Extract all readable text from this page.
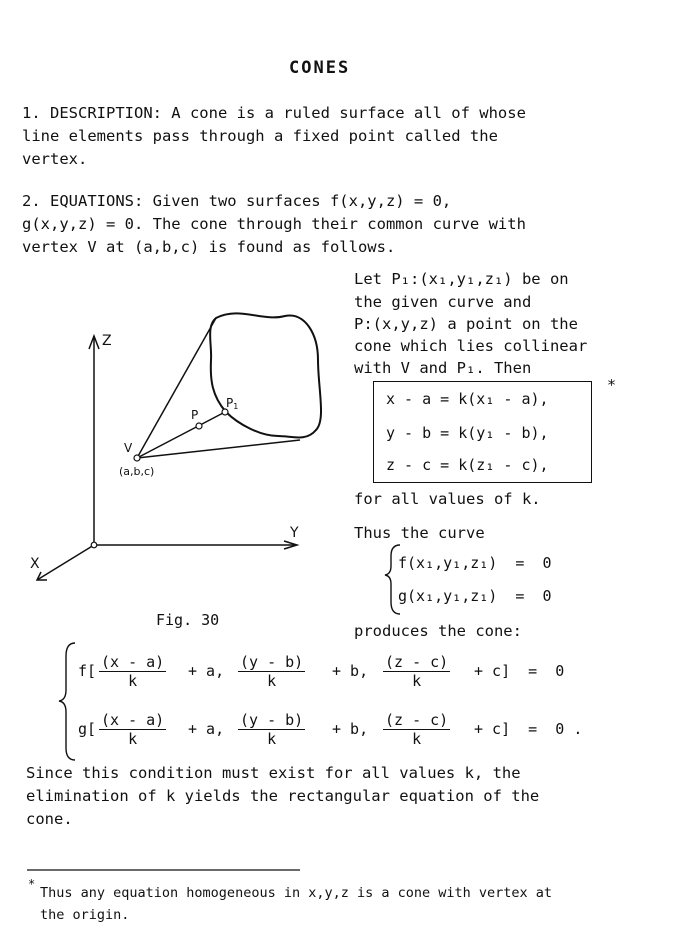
CONES
1. DESCRIPTION: A cone is a ruled surface all of whose
line elements pass through a fixed point called the
vertex.
2. EQUATIONS: Given two surfaces f(x,y,z) = 0,
g(x,y,z) = 0. The cone through their common curve with
vertex V at (a,b,c) is found as follows.
Let P₁:(x₁,y₁,z₁) be on
the given curve and
P:(x,y,z) a point on the
cone which lies collinear
with V and P₁. Then
x - a = k(x₁ - a),
y - b = k(y₁ - b),
z - c = k(z₁ - c),
*
for all values of k.
Thus the curve
f(x₁,y₁,z₁)  =  0
g(x₁,y₁,z₁)  =  0
produces the cone:
Z
Y
X
V
(a,b,c)
P
P1
Fig. 30
$f[ \frac{(x - a)}{k} + a$, $\frac{(y - b)}{k} + b$, $\frac{(z - c)}{k} + c] = 0$
$g[ \frac{(x - a)}{k} + a$, $\frac{(y - b)}{k} + b$, $\frac{(z - c)}{k} + c] = 0$ .
Since this condition must exist for all values k, the
elimination of k yields the rectangular equation of the
cone.
*
Thus any equation homogeneous in x,y,z is a cone with vertex at
the origin.
